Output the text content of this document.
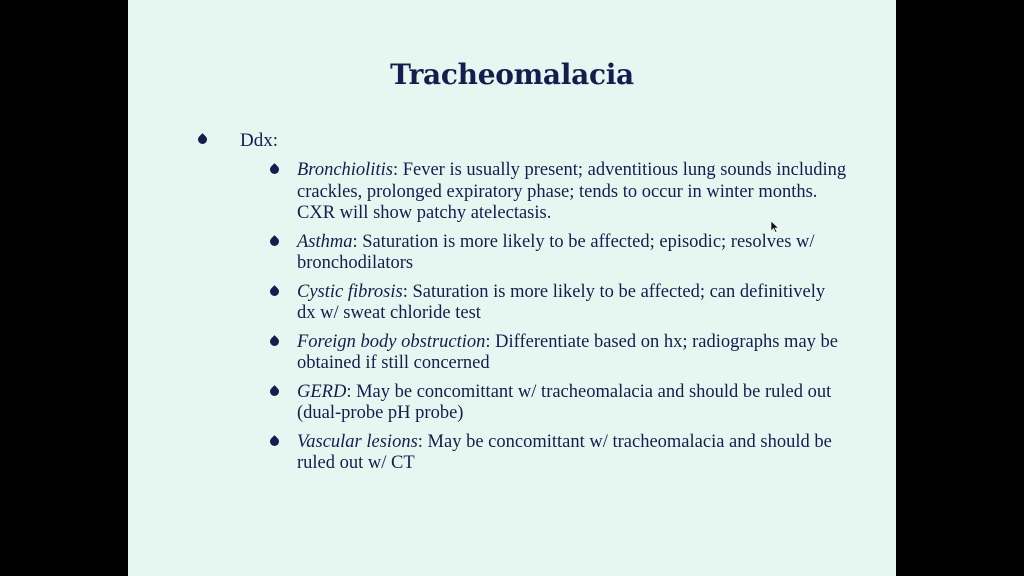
Tracheomalacia
Ddx:
Bronchiolitis: Fever is usually present; adventitious lung sounds including crackles, prolonged expiratory phase; tends to occur in winter months. CXR will show patchy atelectasis.
Asthma: Saturation is more likely to be affected; episodic; resolves w/ bronchodilators
Cystic fibrosis: Saturation is more likely to be affected; can definitively dx w/ sweat chloride test
Foreign body obstruction: Differentiate based on hx; radiographs may be obtained if still concerned
GERD: May be concomittant w/ tracheomalacia and should be ruled out (dual-probe pH probe)
Vascular lesions: May be concomittant w/ tracheomalacia and should be ruled out w/ CT
